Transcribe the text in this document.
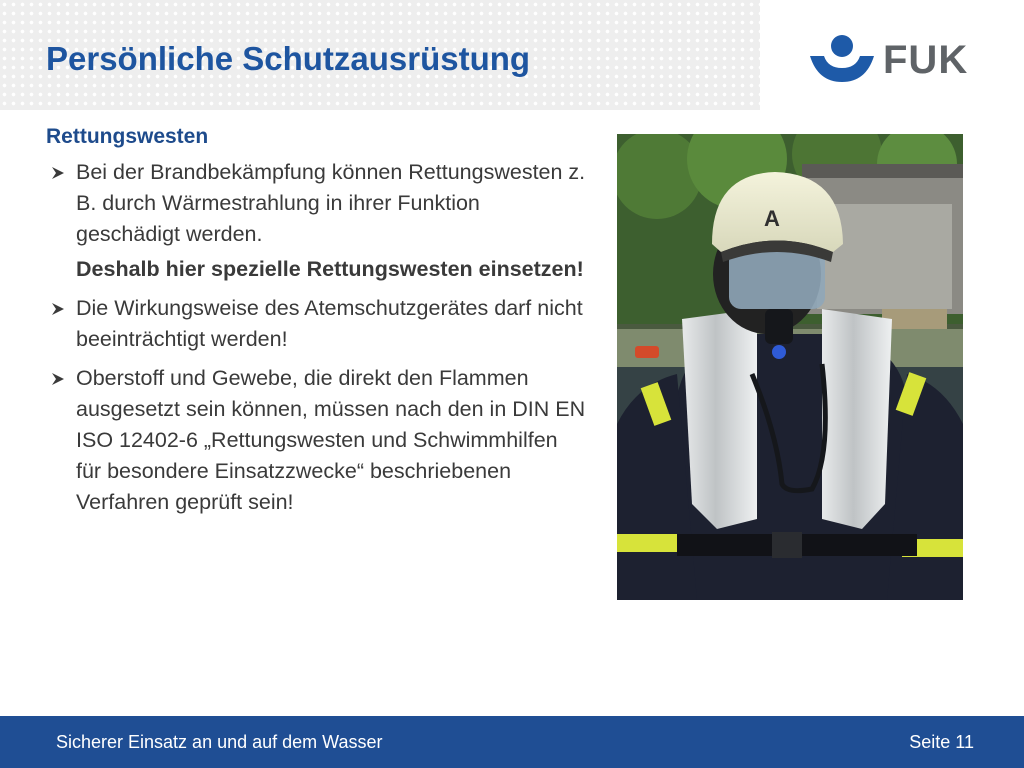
Persönliche Schutzausrüstung	FUK
Rettungswesten
Bei der Brandbekämpfung können Rettungswesten z. B. durch Wärmestrahlung in ihrer Funktion geschädigt werden.
Deshalb hier spezielle Rettungswesten einsetzen!
Die Wirkungsweise des Atemschutzgerätes darf nicht beeinträchtigt werden!
Oberstoff und Gewebe, die direkt den Flammen ausgesetzt sein können, müssen nach den in DIN EN ISO 12402-6 „Rettungswesten und Schwimmhilfen für besondere Einsatzzwecke“ beschriebenen Verfahren geprüft sein!
A
Sicherer Einsatz an und auf dem Wasser	Seite 11
